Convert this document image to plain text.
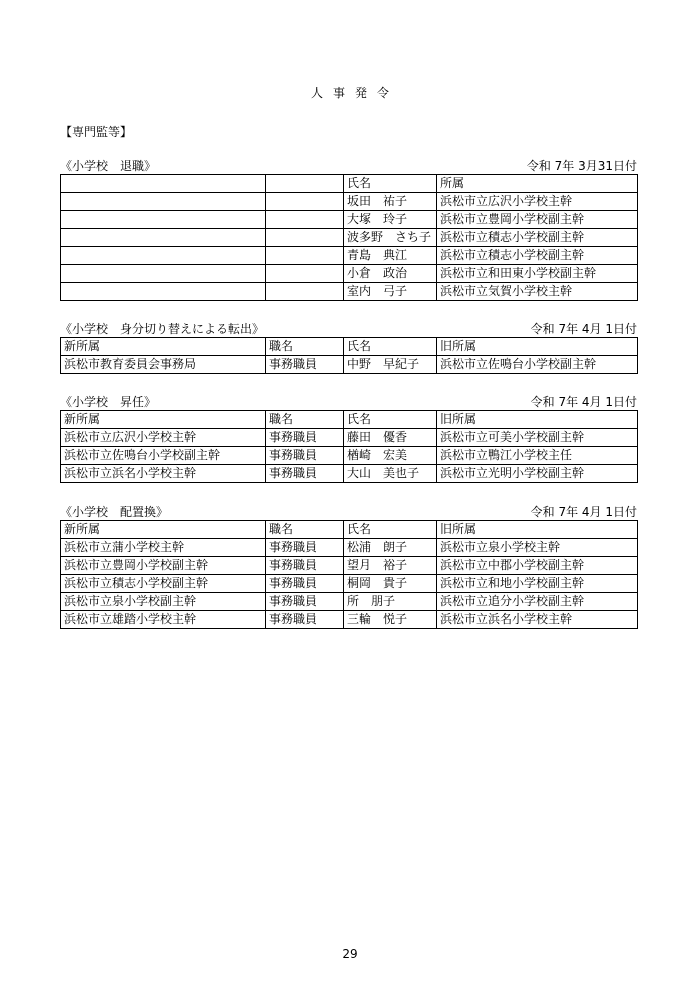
人事発令
【専門監等】
《小学校　退職》	令和 7年 3月31日付
		氏名	所属
		坂田　祐子	浜松市立広沢小学校主幹
		大塚　玲子	浜松市立豊岡小学校副主幹
		波多野　さち子	浜松市立積志小学校副主幹
		青島　典江	浜松市立積志小学校副主幹
		小倉　政治	浜松市立和田東小学校副主幹
		室内　弓子	浜松市立気賀小学校主幹
《小学校　身分切り替えによる転出》	令和 7年 4月 1日付
新所属	職名	氏名	旧所属
浜松市教育委員会事務局	事務職員	中野　早紀子	浜松市立佐鳴台小学校副主幹
《小学校　昇任》	令和 7年 4月 1日付
新所属	職名	氏名	旧所属
浜松市立広沢小学校主幹	事務職員	藤田　優香	浜松市立可美小学校副主幹
浜松市立佐鳴台小学校副主幹	事務職員	楢崎　宏美	浜松市立鴨江小学校主任
浜松市立浜名小学校主幹	事務職員	大山　美也子	浜松市立光明小学校副主幹
《小学校　配置換》	令和 7年 4月 1日付
新所属	職名	氏名	旧所属
浜松市立蒲小学校主幹	事務職員	松浦　朗子	浜松市立泉小学校主幹
浜松市立豊岡小学校副主幹	事務職員	望月　裕子	浜松市立中郡小学校副主幹
浜松市立積志小学校副主幹	事務職員	桐岡　貴子	浜松市立和地小学校副主幹
浜松市立泉小学校副主幹	事務職員	所　朋子	浜松市立追分小学校副主幹
浜松市立雄踏小学校主幹	事務職員	三輪　悦子	浜松市立浜名小学校主幹
29
